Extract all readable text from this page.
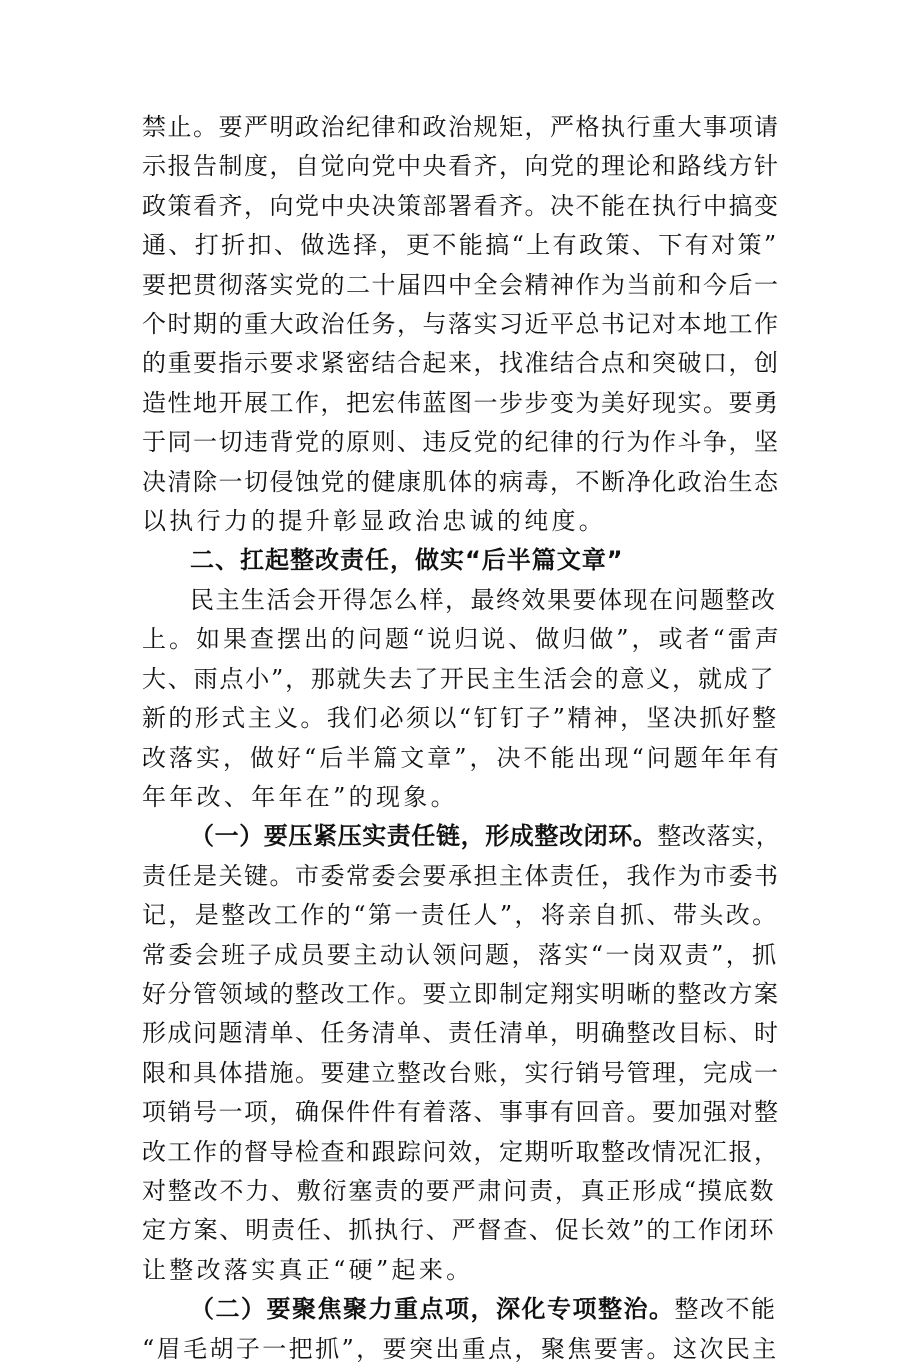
禁止。要严明政治纪律和政治规矩，严格执行重大事项请
示报告制度，自觉向党中央看齐，向党的理论和路线方针
政策看齐，向党中央决策部署看齐。决不能在执行中搞变
通、打折扣、做选择，更不能搞“上有政策、下有对策”
要把贯彻落实党的二十届四中全会精神作为当前和今后一
个时期的重大政治任务，与落实习近平总书记对本地工作
的重要指示要求紧密结合起来，找准结合点和突破口，创
造性地开展工作，把宏伟蓝图一步步变为美好现实。要勇
于同一切违背党的原则、违反党的纪律的行为作斗争，坚
决清除一切侵蚀党的健康肌体的病毒，不断净化政治生态
以执行力的提升彰显政治忠诚的纯度。
二、扛起整改责任，做实“后半篇文章”
民主生活会开得怎么样，最终效果要体现在问题整改
上。如果查摆出的问题“说归说、做归做”，或者“雷声
大、雨点小”，那就失去了开民主生活会的意义，就成了
新的形式主义。我们必须以“钉钉子”精神，坚决抓好整
改落实，做好“后半篇文章”，决不能出现“问题年年有
年年改、年年在”的现象。
（一）要压紧压实责任链，形成整改闭环。整改落实，
责任是关键。市委常委会要承担主体责任，我作为市委书
记，是整改工作的“第一责任人”，将亲自抓、带头改。
常委会班子成员要主动认领问题，落实“一岗双责”，抓
好分管领域的整改工作。要立即制定翔实明晰的整改方案
形成问题清单、任务清单、责任清单，明确整改目标、时
限和具体措施。要建立整改台账，实行销号管理，完成一
项销号一项，确保件件有着落、事事有回音。要加强对整
改工作的督导检查和跟踪问效，定期听取整改情况汇报，
对整改不力、敷衍塞责的要严肃问责，真正形成“摸底数
定方案、明责任、抓执行、严督查、促长效”的工作闭环
让整改落实真正“硬”起来。
（二）要聚焦聚力重点项，深化专项整治。整改不能
“眉毛胡子一把抓”，要突出重点，聚焦要害。这次民主
